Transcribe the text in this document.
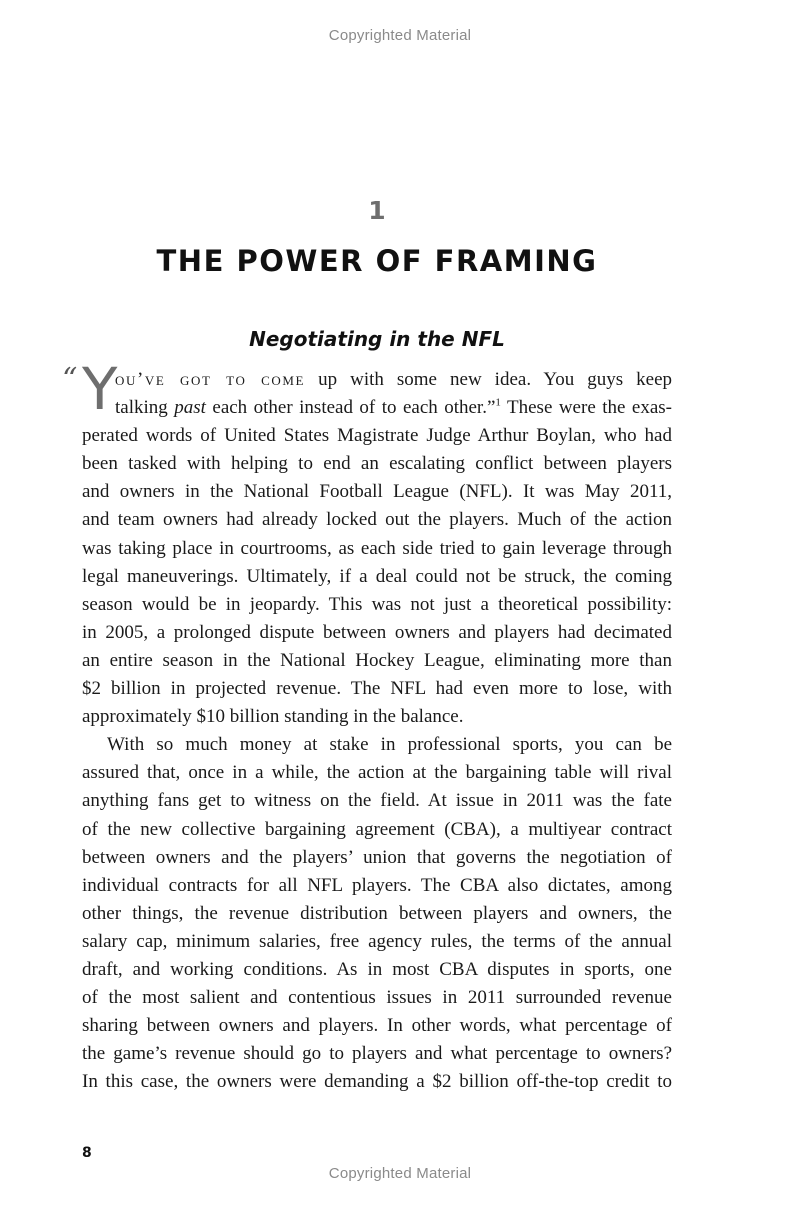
Copyrighted Material
1
THE POWER OF FRAMING
Negotiating in the NFL
“ Y
ou’ve got to come up with some new idea. You guys keep
talking past each other instead of to each other.”$^1$ These were the exas-
perated words of United States Magistrate Judge Arthur Boylan, who had
been tasked with helping to end an escalating conflict between players
and owners in the National Football League (NFL). It was May 2011,
and team owners had already locked out the players. Much of the action
was taking place in courtrooms, as each side tried to gain leverage through
legal maneuverings. Ultimately, if a deal could not be struck, the coming
season would be in jeopardy. This was not just a theoretical possibility:
in 2005, a prolonged dispute between owners and players had decimated
an entire season in the National Hockey League, eliminating more than
$2 billion in projected revenue. The NFL had even more to lose, with
approximately $10 billion standing in the balance.
With so much money at stake in professional sports, you can be
assured that, once in a while, the action at the bargaining table will rival
anything fans get to witness on the field. At issue in 2011 was the fate
of the new collective bargaining agreement (CBA), a multiyear contract
between owners and the players’ union that governs the negotiation of
individual contracts for all NFL players. The CBA also dictates, among
other things, the revenue distribution between players and owners, the
salary cap, minimum salaries, free agency rules, the terms of the annual
draft, and working conditions. As in most CBA disputes in sports, one
of the most salient and contentious issues in 2011 surrounded revenue
sharing between owners and players. In other words, what percentage of
the game’s revenue should go to players and what percentage to owners?
In this case, the owners were demanding a $2 billion off-the-top credit to
8
Copyrighted Material
